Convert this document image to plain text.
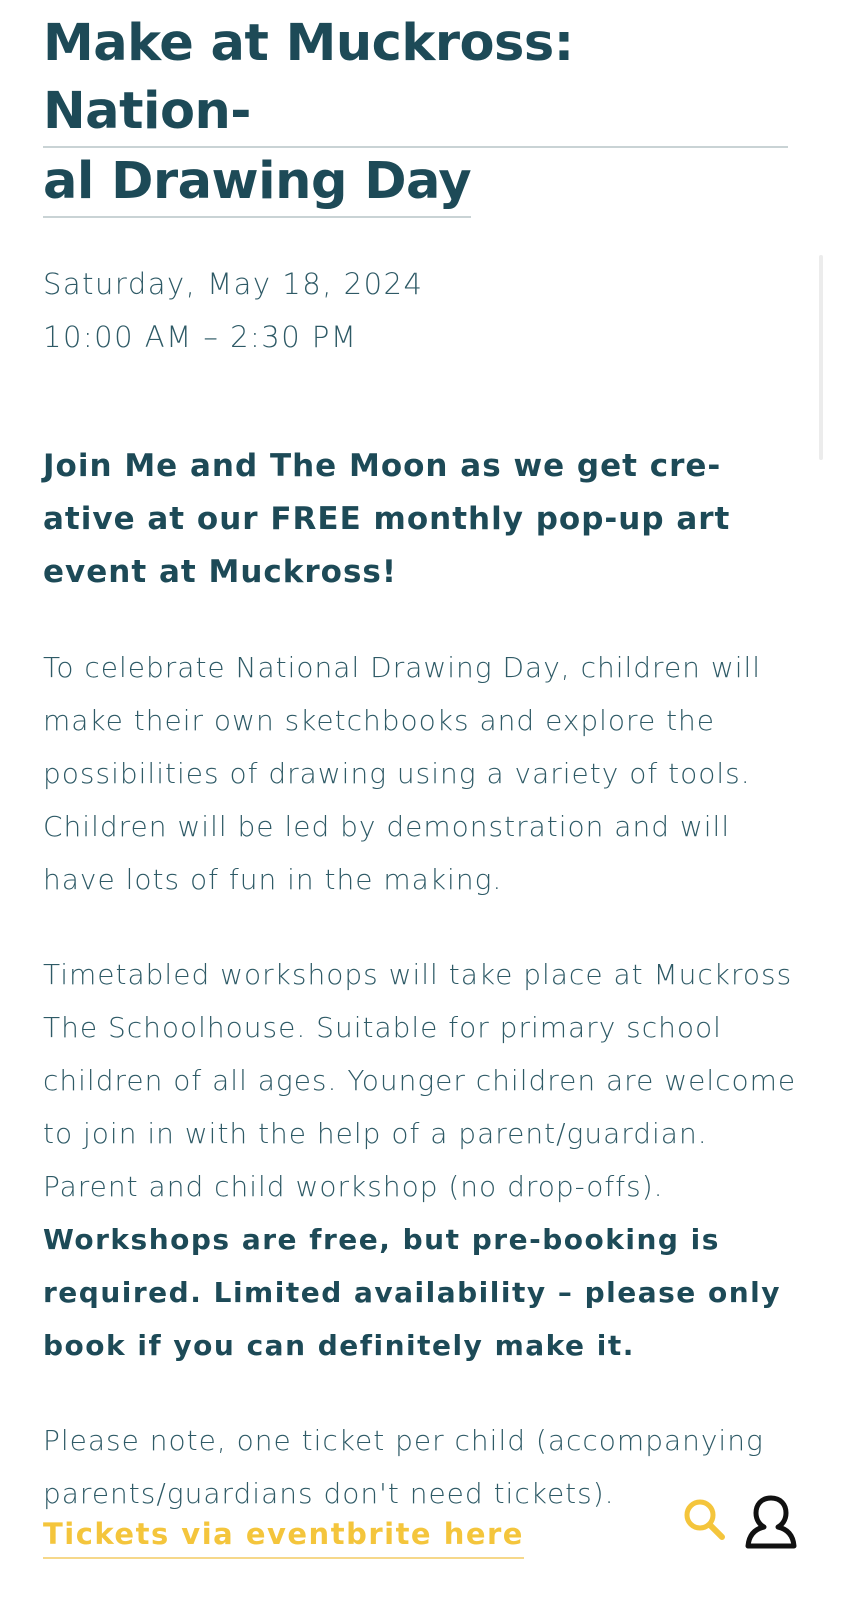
Make at Muckross: Nation-
al Drawing Day
Saturday, May 18, 2024
10:00 AM – 2:30 PM

Join Me and The Moon as we get cre-ative at our FREE monthly pop-up art event at Muckross!

To celebrate National Drawing Day, children will make their own sketchbooks and explore the possibilities of drawing using a variety of tools. Children will be led by demonstration and will have lots of fun in the making.

Timetabled workshops will take place at Muckross The Schoolhouse. Suitable for primary school children of all ages. Younger children are welcome to join in with the help of a parent/guardian. Parent and child workshop (no drop-offs). Workshops are free, but pre-booking is required. Limited availability – please only book if you can definitely make it.

Please note, one ticket per child (accompanying parents/guardians don't need tickets).

Tickets via eventbrite here
